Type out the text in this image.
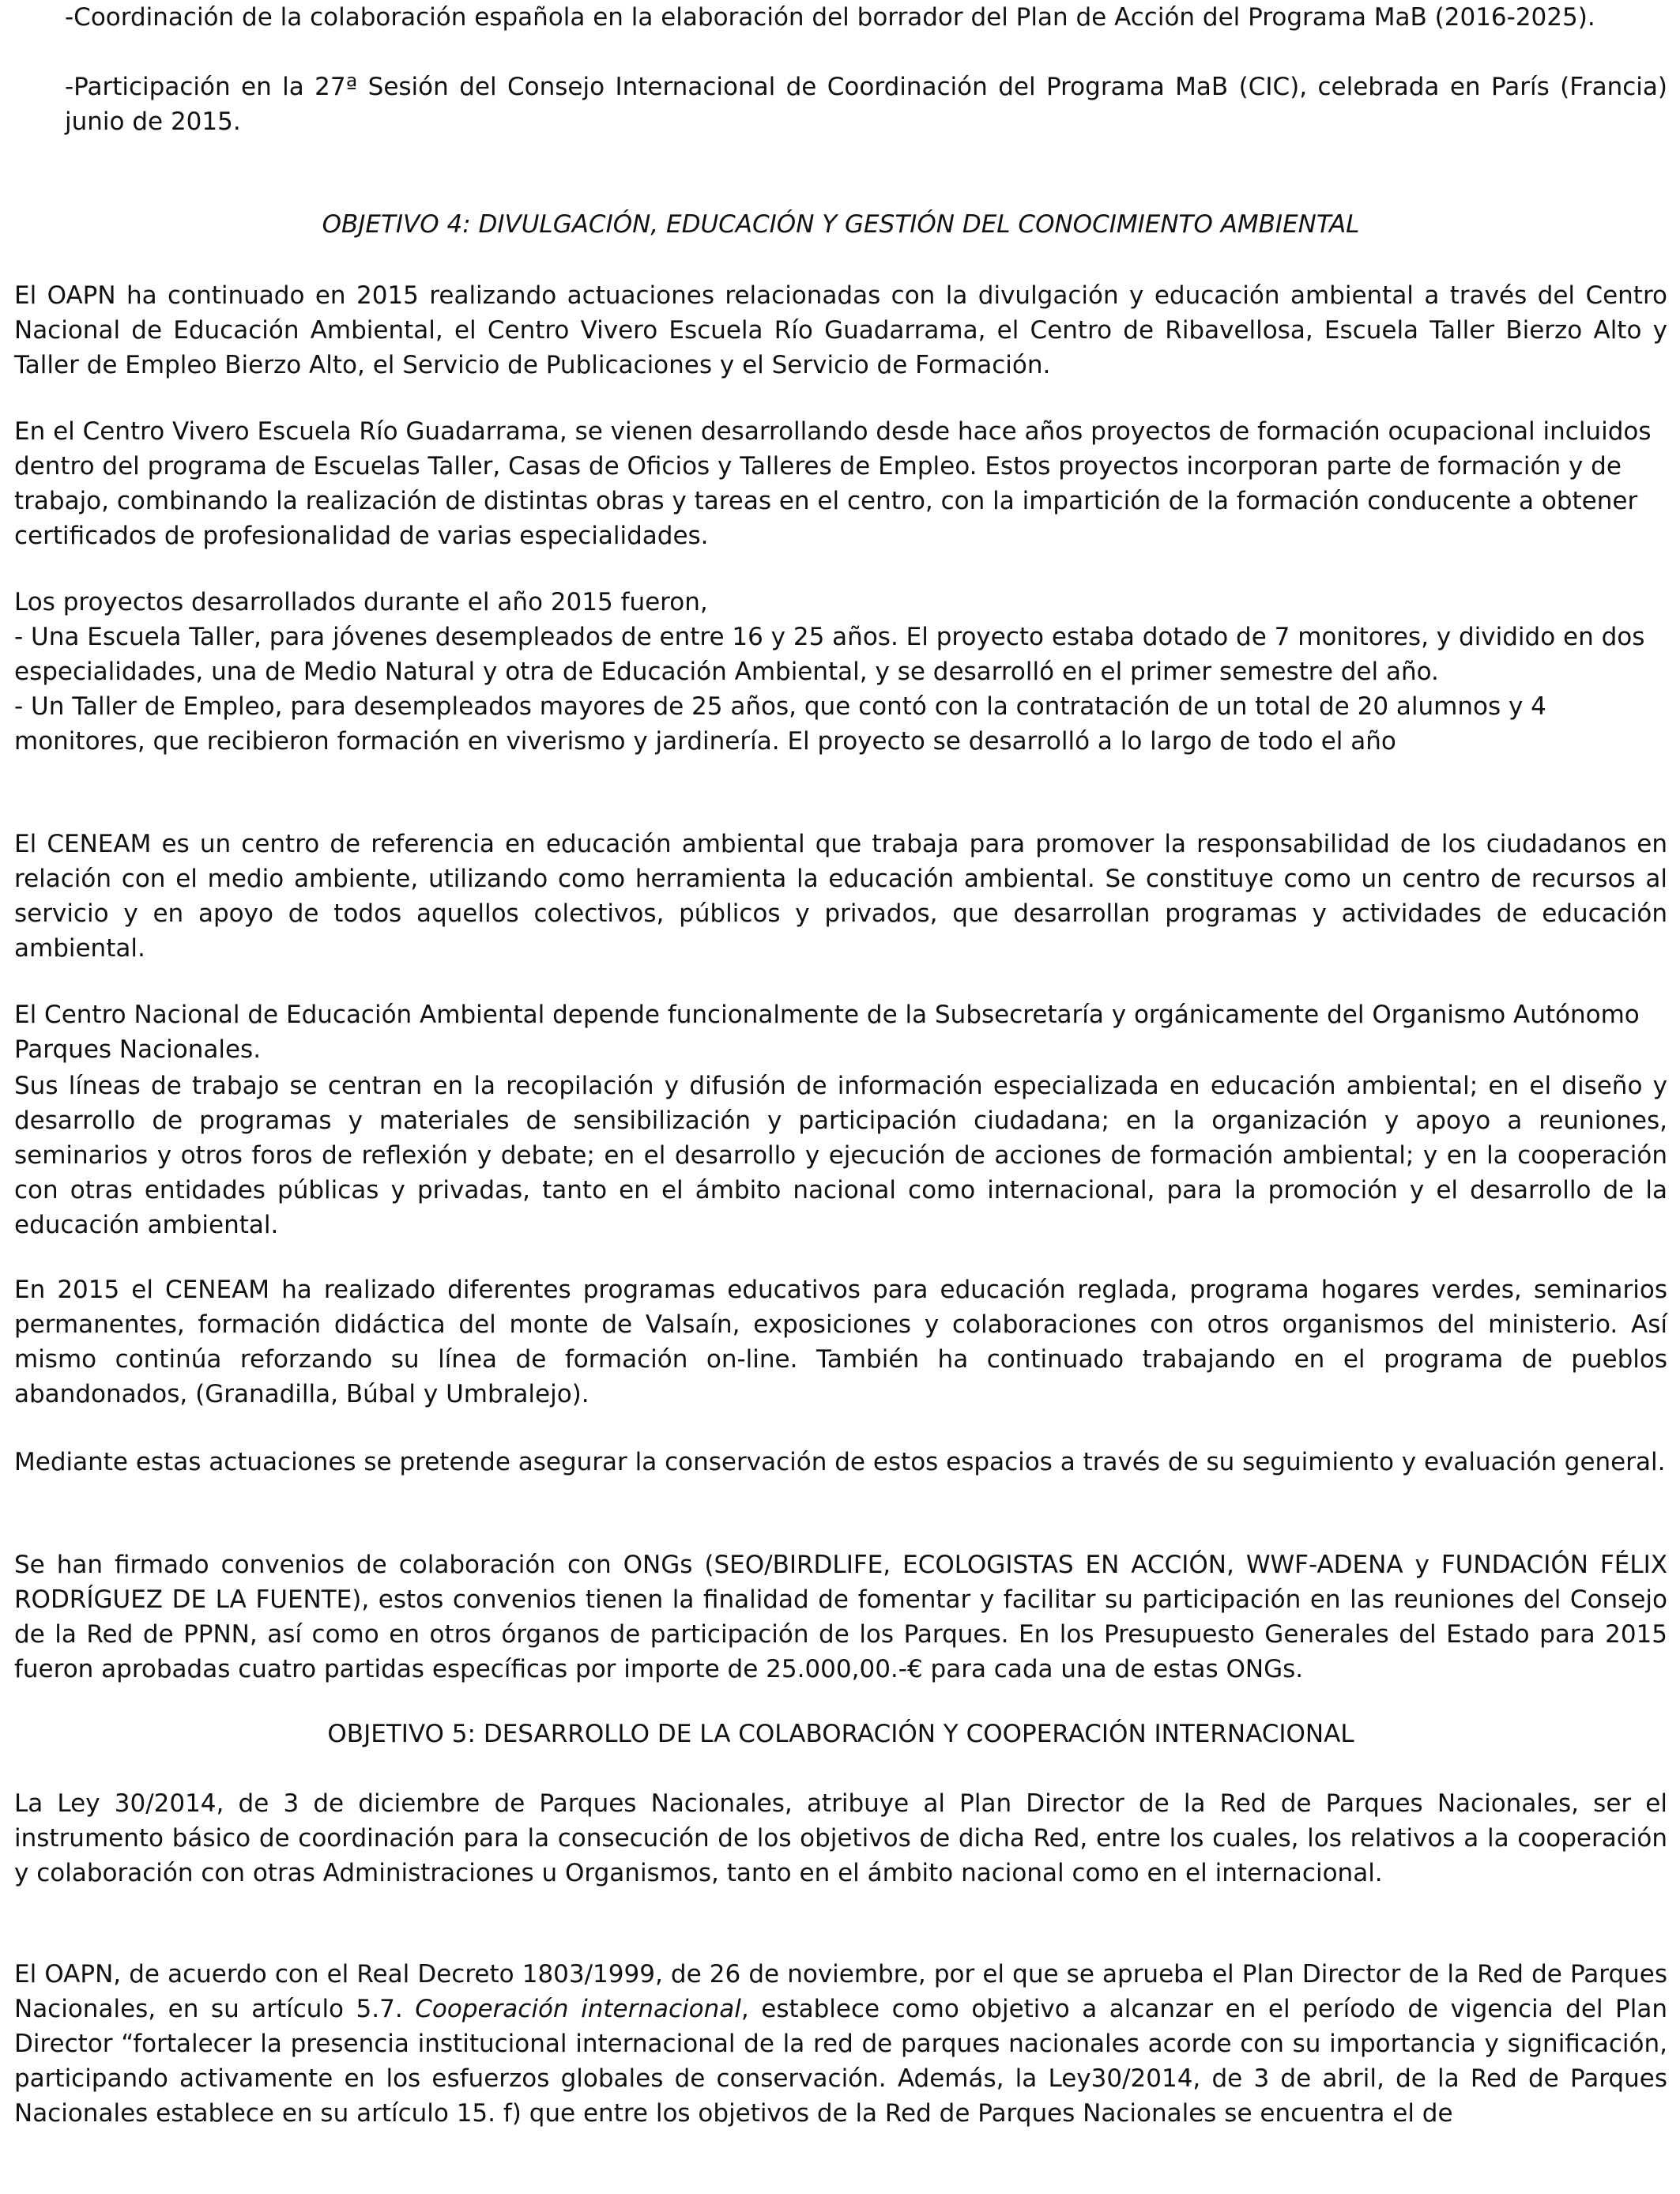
-Coordinación de la colaboración española en la elaboración del borrador del Plan de Acción del Programa MaB (2016-2025).

-Participación en la 27ª Sesión del Consejo Internacional de Coordinación del Programa MaB (CIC), celebrada en París (Francia) junio de 2015.

OBJETIVO 4: DIVULGACIÓN, EDUCACIÓN Y GESTIÓN DEL CONOCIMIENTO AMBIENTAL

El OAPN ha continuado en 2015 realizando actuaciones relacionadas con la divulgación y educación ambiental a través del Centro Nacional de Educación Ambiental, el Centro Vivero Escuela Río Guadarrama, el Centro de Ribavellosa, Escuela Taller Bierzo Alto y Taller de Empleo Bierzo Alto, el Servicio de Publicaciones y el Servicio de Formación.

En el Centro Vivero Escuela Río Guadarrama, se vienen desarrollando desde hace años proyectos de formación ocupacional incluidos dentro del programa de Escuelas Taller, Casas de Oficios y Talleres de Empleo. Estos proyectos incorporan parte de formación y de trabajo, combinando la realización de distintas obras y tareas en el centro, con la impartición de la formación conducente a obtener certificados de profesionalidad de varias especialidades.

Los proyectos desarrollados durante el año 2015 fueron,

- Una Escuela Taller, para jóvenes desempleados de entre 16 y 25 años. El proyecto estaba dotado de 7 monitores, y dividido en dos especialidades, una de Medio Natural y otra de Educación Ambiental, y se desarrolló en el primer semestre del año.

- Un Taller de Empleo, para desempleados mayores de 25 años, que contó con la contratación de un total de 20 alumnos y 4 monitores, que recibieron formación en viverismo y jardinería. El proyecto se desarrolló a lo largo de todo el año

El CENEAM es un centro de referencia en educación ambiental que trabaja para promover la responsabilidad de los ciudadanos en relación con el medio ambiente, utilizando como herramienta la educación ambiental. Se constituye como un centro de recursos al servicio y en apoyo de todos aquellos colectivos, públicos y privados, que desarrollan programas y actividades de educación ambiental.

El Centro Nacional de Educación Ambiental depende funcionalmente de la Subsecretaría y orgánicamente del Organismo Autónomo Parques Nacionales.

Sus líneas de trabajo se centran en la recopilación y difusión de información especializada en educación ambiental; en el diseño y desarrollo de programas y materiales de sensibilización y participación ciudadana; en la organización y apoyo a reuniones, seminarios y otros foros de reflexión y debate; en el desarrollo y ejecución de acciones de formación ambiental; y en la cooperación con otras entidades públicas y privadas, tanto en el ámbito nacional como internacional, para la promoción y el desarrollo de la educación ambiental.

En 2015 el CENEAM ha realizado diferentes programas educativos para educación reglada, programa hogares verdes, seminarios permanentes, formación didáctica del monte de Valsaín, exposiciones y colaboraciones con otros organismos del ministerio. Así mismo continúa reforzando su línea de formación on-line. También ha continuado trabajando en el programa de pueblos abandonados, (Granadilla, Búbal y Umbralejo).

Mediante estas actuaciones se pretende asegurar la conservación de estos espacios a través de su seguimiento y evaluación general.

Se han firmado convenios de colaboración con ONGs (SEO/BIRDLIFE, ECOLOGISTAS EN ACCIÓN, WWF-ADENA y FUNDACIÓN FÉLIX RODRÍGUEZ DE LA FUENTE), estos convenios tienen la finalidad de fomentar y facilitar su participación en las reuniones del Consejo de la Red de PPNN, así como en otros órganos de participación de los Parques. En los Presupuesto Generales del Estado para 2015 fueron aprobadas cuatro partidas específicas por importe de 25.000,00.-€ para cada una de estas ONGs.

OBJETIVO 5: DESARROLLO DE LA COLABORACIÓN Y COOPERACIÓN INTERNACIONAL

La Ley 30/2014, de 3 de diciembre de Parques Nacionales, atribuye al Plan Director de la Red de Parques Nacionales, ser el instrumento básico de coordinación para la consecución de los objetivos de dicha Red, entre los cuales, los relativos a la cooperación y colaboración con otras Administraciones u Organismos, tanto en el ámbito nacional como en el internacional.

El OAPN, de acuerdo con el Real Decreto 1803/1999, de 26 de noviembre, por el que se aprueba el Plan Director de la Red de Parques Nacionales, en su artículo 5.7. Cooperación internacional, establece como objetivo a alcanzar en el período de vigencia del Plan Director “fortalecer la presencia institucional internacional de la red de parques nacionales acorde con su importancia y significación, participando activamente en los esfuerzos globales de conservación. Además, la Ley30/2014, de 3 de abril, de la Red de Parques Nacionales establece en su artículo 15. f) que entre los objetivos de la Red de Parques Nacionales se encuentra el de
